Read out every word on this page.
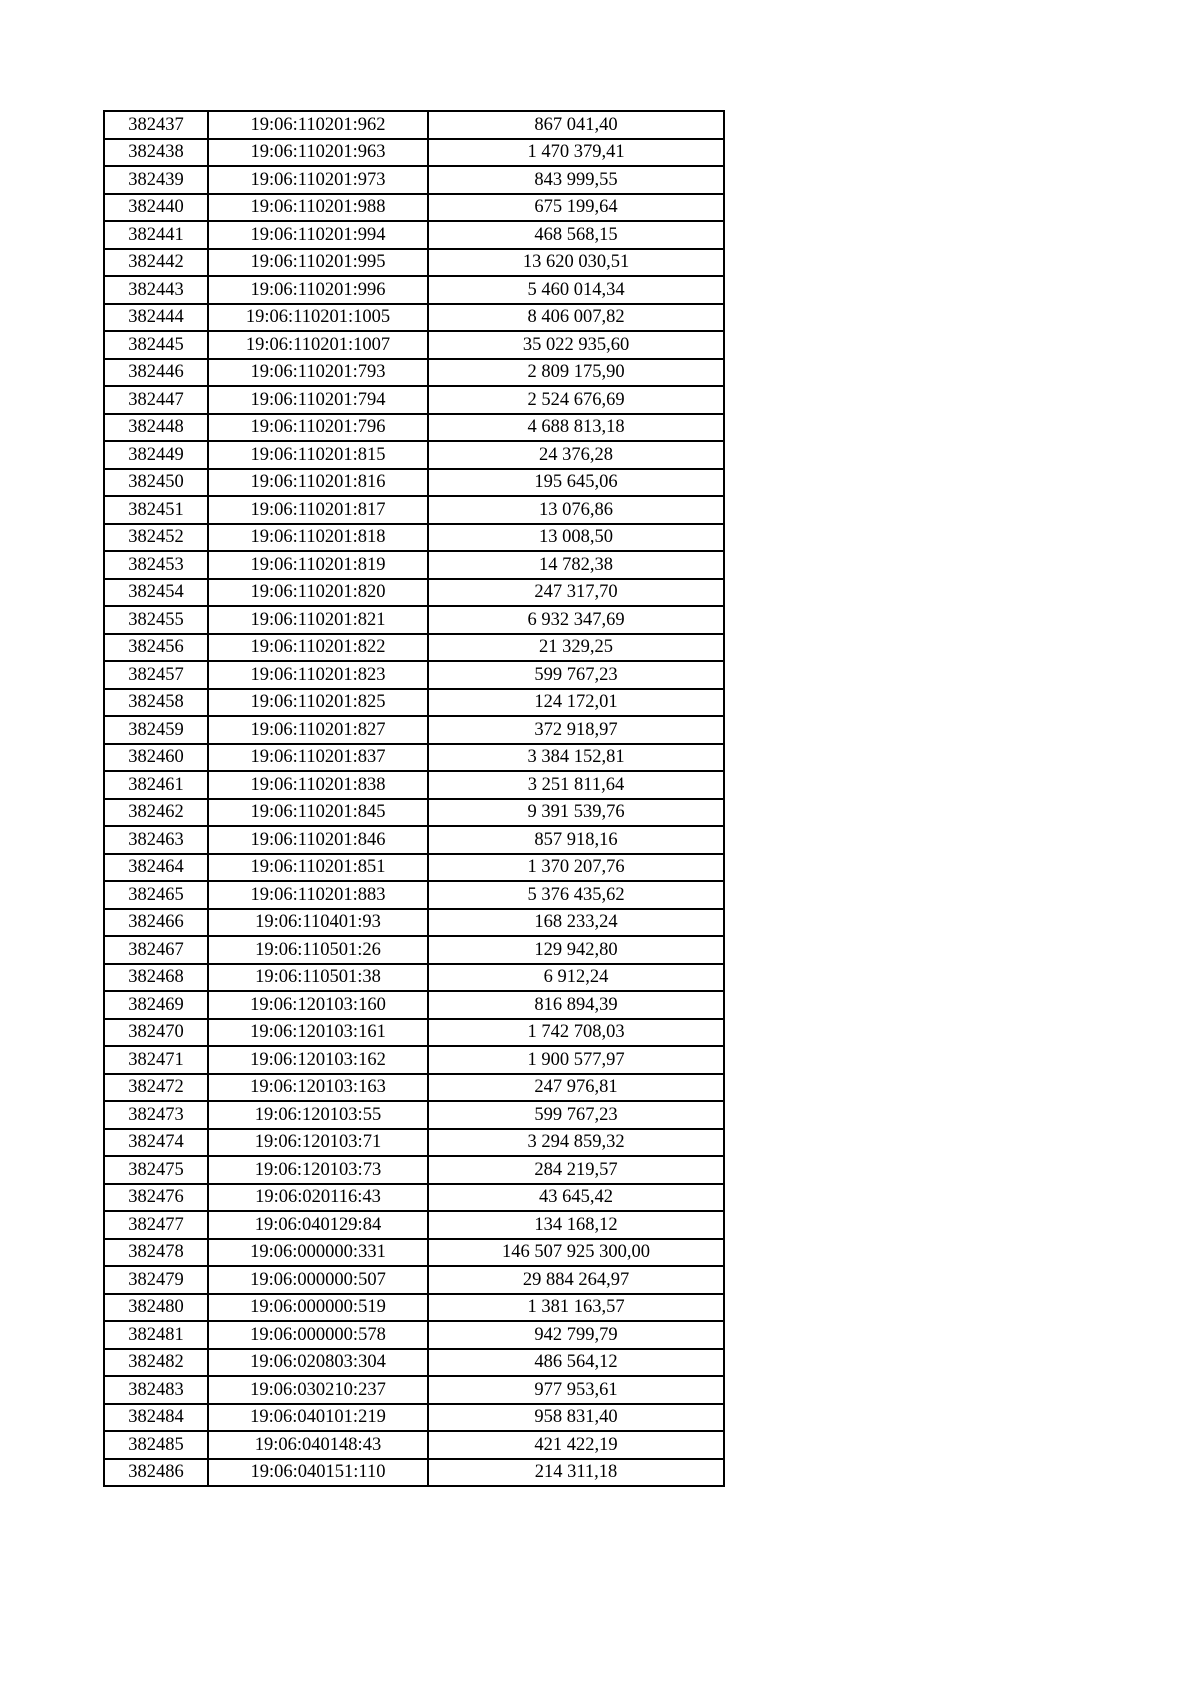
382437	19:06:110201:962	867 041,40
382438	19:06:110201:963	1 470 379,41
382439	19:06:110201:973	843 999,55
382440	19:06:110201:988	675 199,64
382441	19:06:110201:994	468 568,15
382442	19:06:110201:995	13 620 030,51
382443	19:06:110201:996	5 460 014,34
382444	19:06:110201:1005	8 406 007,82
382445	19:06:110201:1007	35 022 935,60
382446	19:06:110201:793	2 809 175,90
382447	19:06:110201:794	2 524 676,69
382448	19:06:110201:796	4 688 813,18
382449	19:06:110201:815	24 376,28
382450	19:06:110201:816	195 645,06
382451	19:06:110201:817	13 076,86
382452	19:06:110201:818	13 008,50
382453	19:06:110201:819	14 782,38
382454	19:06:110201:820	247 317,70
382455	19:06:110201:821	6 932 347,69
382456	19:06:110201:822	21 329,25
382457	19:06:110201:823	599 767,23
382458	19:06:110201:825	124 172,01
382459	19:06:110201:827	372 918,97
382460	19:06:110201:837	3 384 152,81
382461	19:06:110201:838	3 251 811,64
382462	19:06:110201:845	9 391 539,76
382463	19:06:110201:846	857 918,16
382464	19:06:110201:851	1 370 207,76
382465	19:06:110201:883	5 376 435,62
382466	19:06:110401:93	168 233,24
382467	19:06:110501:26	129 942,80
382468	19:06:110501:38	6 912,24
382469	19:06:120103:160	816 894,39
382470	19:06:120103:161	1 742 708,03
382471	19:06:120103:162	1 900 577,97
382472	19:06:120103:163	247 976,81
382473	19:06:120103:55	599 767,23
382474	19:06:120103:71	3 294 859,32
382475	19:06:120103:73	284 219,57
382476	19:06:020116:43	43 645,42
382477	19:06:040129:84	134 168,12
382478	19:06:000000:331	146 507 925 300,00
382479	19:06:000000:507	29 884 264,97
382480	19:06:000000:519	1 381 163,57
382481	19:06:000000:578	942 799,79
382482	19:06:020803:304	486 564,12
382483	19:06:030210:237	977 953,61
382484	19:06:040101:219	958 831,40
382485	19:06:040148:43	421 422,19
382486	19:06:040151:110	214 311,18
